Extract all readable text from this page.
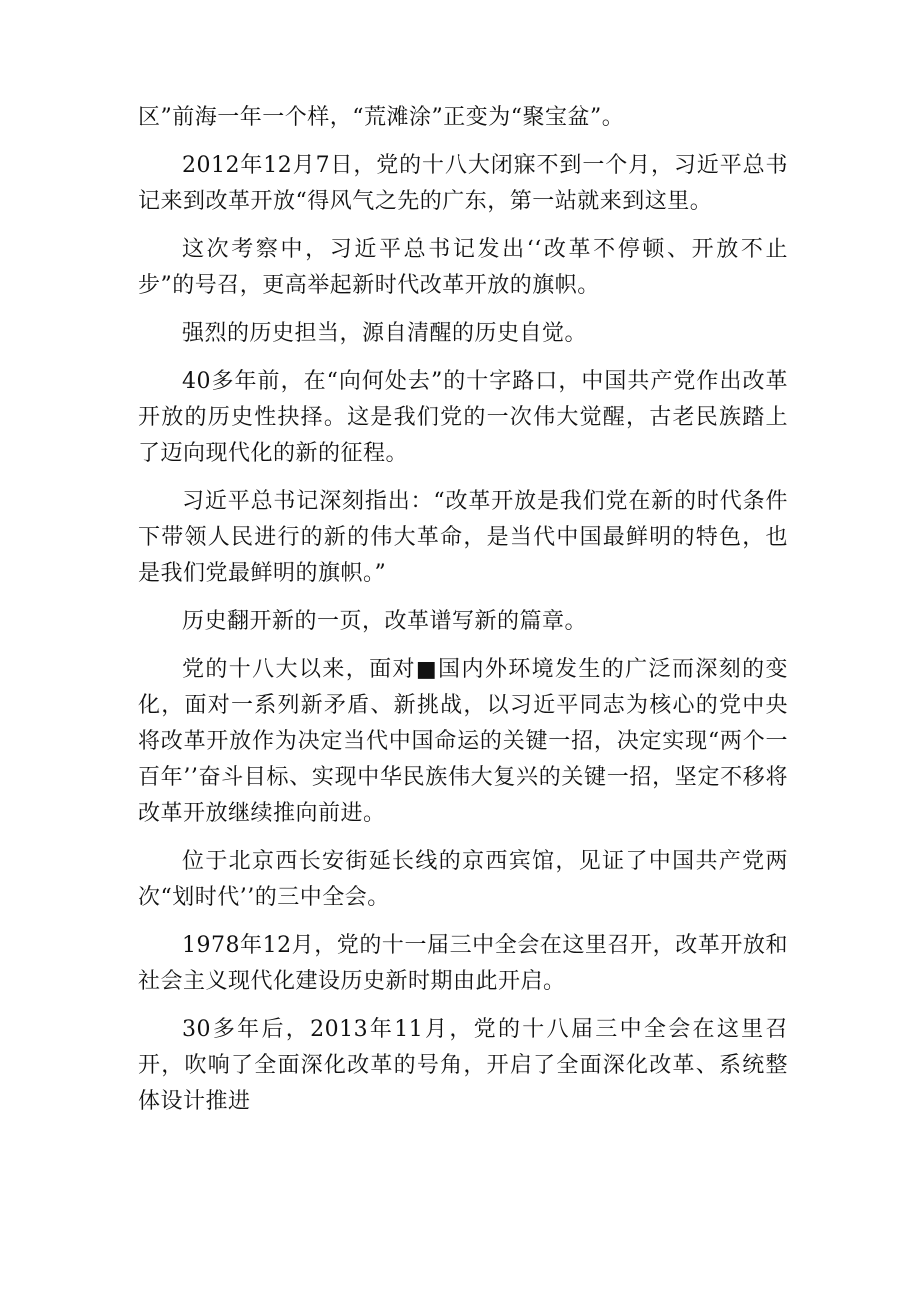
区”前海一年一个样，“荒滩涂”正变为“聚宝盆”。

2012年12月7日，党的十八大闭寐不到一个月，习近平总书记来到改革开放“得风气之先的广东，第一站就来到这里。

这次考察中，习近平总书记发出‘‘改革不停顿、开放不止步”的号召，更高举起新时代改革开放的旗帜。

强烈的历史担当，源自清醒的历史自觉。

40多年前，在“向何处去”的十字路口，中国共产党作出改革开放的历史性抉择。这是我们党的一次伟大觉醒，古老民族踏上了迈向现代化的新的征程。

习近平总书记深刻指出：“改革开放是我们党在新的时代条件下带领人民进行的新的伟大革命，是当代中国最鲜明的特色，也是我们党最鲜明的旗帜。”

历史翻开新的一页，改革谱写新的篇章。

党的十八大以来，面对■国内外环境发生的广泛而深刻的变化，面对一系列新矛盾、新挑战，以习近平同志为核心的党中央将改革开放作为决定当代中国命运的关键一招，决定实现“两个一百年’’奋斗目标、实现中华民族伟大复兴的关键一招，坚定不移将改革开放继续推向前进。

位于北京西长安街延长线的京西宾馆，见证了中国共产党两次“划时代’’的三中全会。

1978年12月，党的十一届三中全会在这里召开，改革开放和社会主义现代化建设历史新时期由此开启。

30多年后，2013年11月，党的十八届三中全会在这里召开，吹响了全面深化改革的号角，开启了全面深化改革、系统整体设计推进
